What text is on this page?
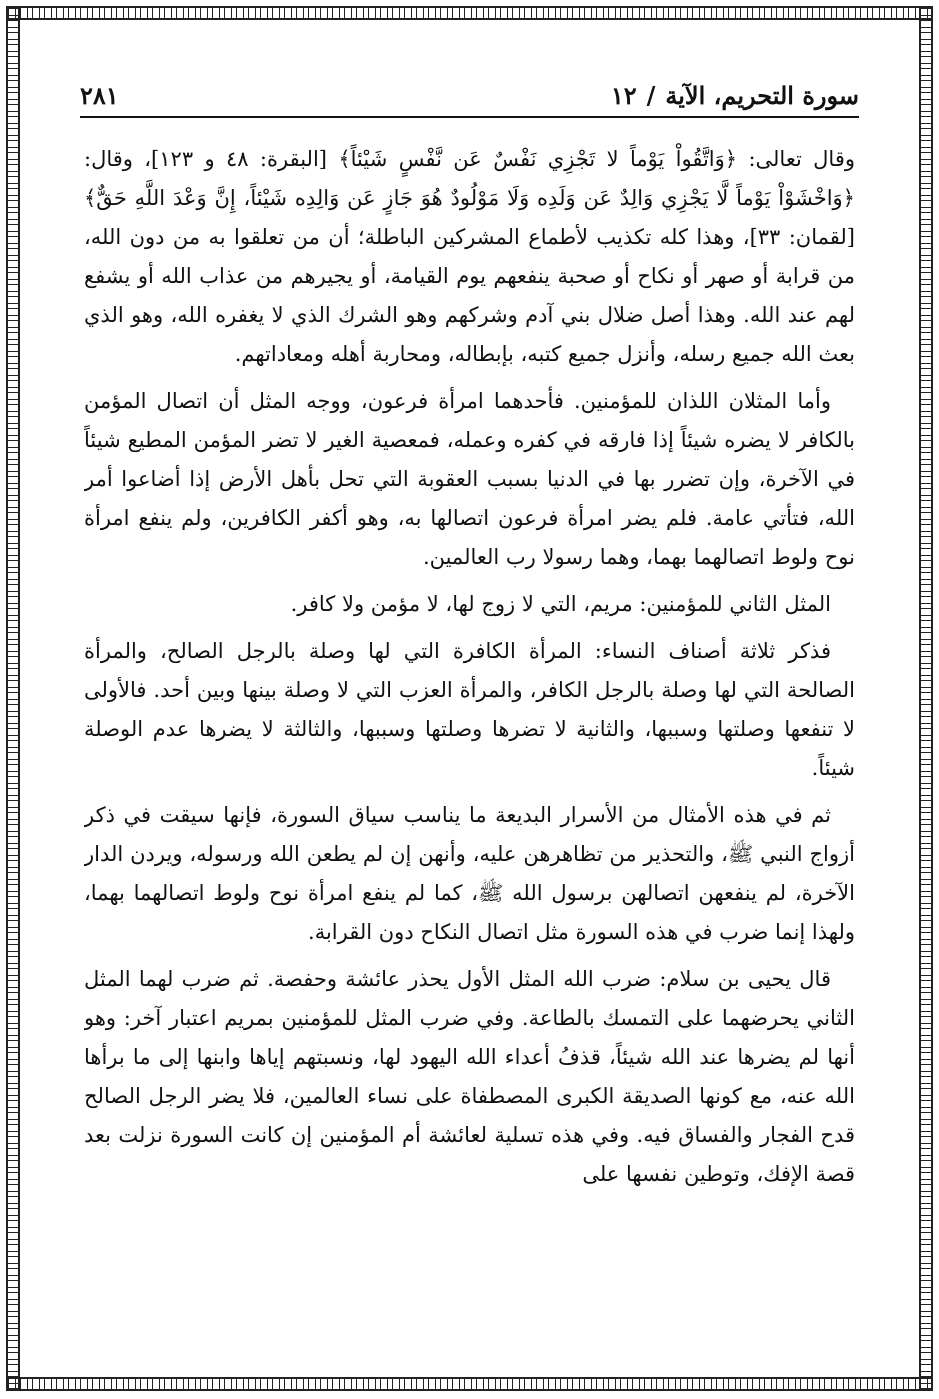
سورة التحريم، الآية
/
١٢
٢٨١

وقال تعالى: ﴿وَاتَّقُواْ يَوْماً لا تَجْزِي نَفْسٌ عَن نَّفْسٍ شَيْئاً﴾ [البقرة: ٤٨ و ١٢٣]، وقال: ﴿وَاخْشَوْاْ يَوْماً لَّا يَجْزِي وَالِدٌ عَن وَلَدِه وَلَا مَوْلُودٌ هُوَ جَازٍ عَن وَالِدِه شَيْئاً، إِنَّ وَعْدَ اللَّهِ حَقٌّ﴾ [لقمان: ٣٣]، وهذا كله تكذيب لأطماع المشركين الباطلة؛ أن من تعلقوا به من دون الله، من قرابة أو صهر أو نكاح أو صحبة ينفعهم يوم القيامة، أو يجيرهم من عذاب الله أو يشفع لهم عند الله. وهذا أصل ضلال بني آدم وشركهم وهو الشرك الذي لا يغفره الله، وهو الذي بعث الله جميع رسله، وأنزل جميع كتبه، بإبطاله، ومحاربة أهله ومعاداتهم.

وأما المثلان اللذان للمؤمنين. فأحدهما امرأة فرعون، ووجه المثل أن اتصال المؤمن بالكافر لا يضره شيئاً إذا فارقه في كفره وعمله، فمعصية الغير لا تضر المؤمن المطيع شيئاً في الآخرة، وإن تضرر بها في الدنيا بسبب العقوبة التي تحل بأهل الأرض إذا أضاعوا أمر الله، فتأتي عامة. فلم يضر امرأة فرعون اتصالها به، وهو أكفر الكافرين، ولم ينفع امرأة نوح ولوط اتصالهما بهما، وهما رسولا رب العالمين.

المثل الثاني للمؤمنين: مريم، التي لا زوج لها، لا مؤمن ولا كافر.

فذكر ثلاثة أصناف النساء: المرأة الكافرة التي لها وصلة بالرجل الصالح، والمرأة الصالحة التي لها وصلة بالرجل الكافر، والمرأة العزب التي لا وصلة بينها وبين أحد. فالأولى لا تنفعها وصلتها وسببها، والثانية لا تضرها وصلتها وسببها، والثالثة لا يضرها عدم الوصلة شيئاً.

ثم في هذه الأمثال من الأسرار البديعة ما يناسب سياق السورة، فإنها سيقت في ذكر أزواج النبي ﷺ، والتحذير من تظاهرهن عليه، وأنهن إن لم يطعن الله ورسوله، ويردن الدار الآخرة، لم ينفعهن اتصالهن برسول الله ﷺ، كما لم ينفع امرأة نوح ولوط اتصالهما بهما، ولهذا إنما ضرب في هذه السورة مثل اتصال النكاح دون القرابة.

قال يحيى بن سلام: ضرب الله المثل الأول يحذر عائشة وحفصة. ثم ضرب لهما المثل الثاني يحرضهما على التمسك بالطاعة. وفي ضرب المثل للمؤمنين بمريم اعتبار آخر: وهو أنها لم يضرها عند الله شيئاً، قذفُ أعداء الله اليهود لها، ونسبتهم إياها وابنها إلى ما برأها الله عنه، مع كونها الصديقة الكبرى المصطفاة على نساء العالمين، فلا يضر الرجل الصالح قدح الفجار والفساق فيه. وفي هذه تسلية لعائشة أم المؤمنين إن كانت السورة نزلت بعد قصة الإفك، وتوطين نفسها على
